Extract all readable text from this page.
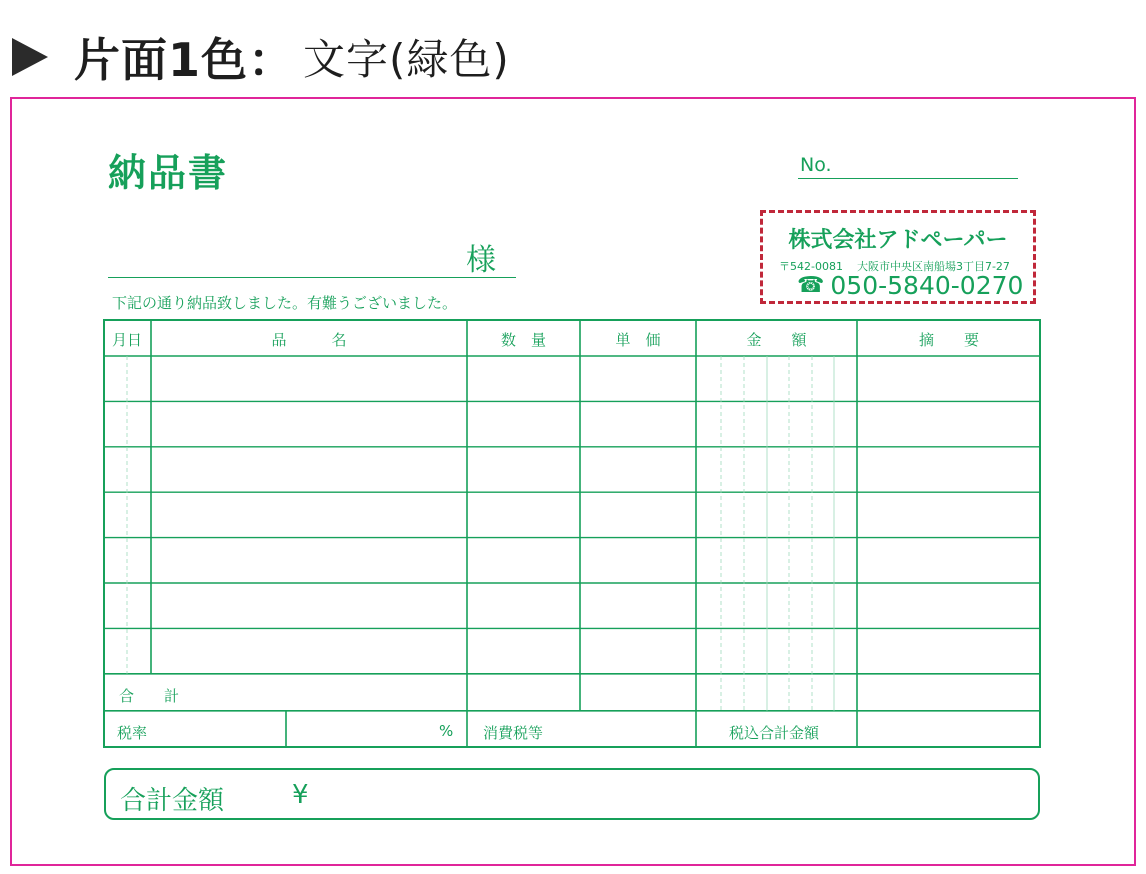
片面1色： 文字(緑色)
納品書	No.
様
下記の通り納品致しました。有難うございました。
株式会社アドペーパー
〒542-0081 大阪市中央区南船場3丁目7-27
☎ 050-5840-0270
月日	品　　　名	数　量	単　価	金　　額	摘　　要
合　　計
税率	% 消費税等	税込合計金額
合計金額	¥
